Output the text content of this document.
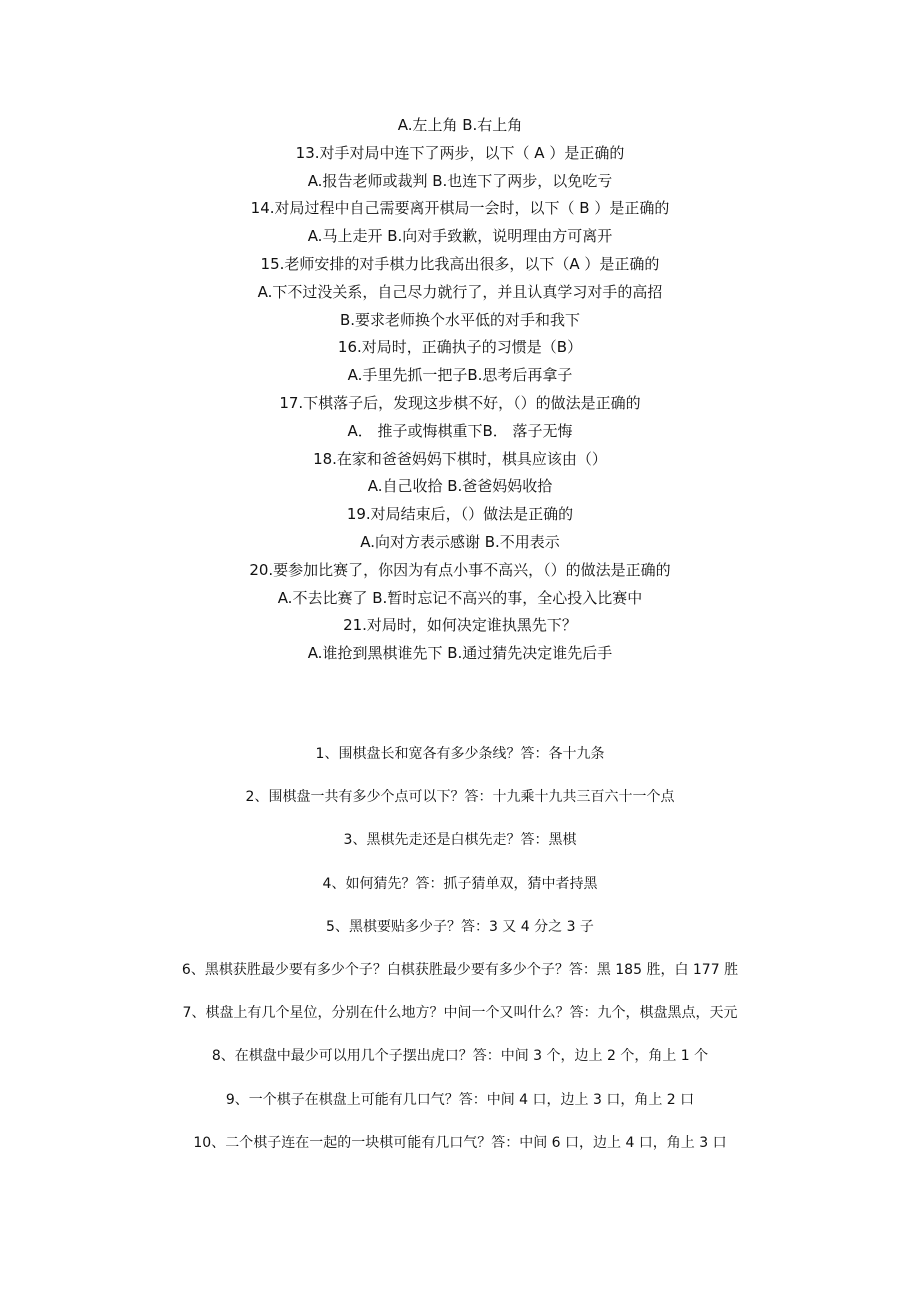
A.左上角 B.右上角
13.对手对局中连下了两步，以下（ A ）是正确的
A.报告老师或裁判 B.也连下了两步，以免吃亏
14.对局过程中自己需要离开棋局一会时，以下（ B ）是正确的
A.马上走开 B.向对手致歉，说明理由方可离开
15.老师安排的对手棋力比我高出很多，以下（A ）是正确的
A.下不过没关系，自己尽力就行了，并且认真学习对手的高招
B.要求老师换个水平低的对手和我下
16.对局时，正确执子的习惯是（B）
A.手里先抓一把子B.思考后再拿子
17.下棋落子后，发现这步棋不好，（）的做法是正确的
A． 推子或悔棋重下B． 落子无悔
18.在家和爸爸妈妈下棋时，棋具应该由（）
A.自己收拾 B.爸爸妈妈收拾
19.对局结束后，（）做法是正确的
A.向对方表示感谢 B.不用表示
20.要参加比赛了，你因为有点小事不高兴，（）的做法是正确的
A.不去比赛了 B.暂时忘记不高兴的事，全心投入比赛中
21.对局时，如何决定谁执黑先下？
A.谁抢到黑棋谁先下 B.通过猜先决定谁先后手
1、围棋盘长和宽各有多少条线？答：各十九条
2、围棋盘一共有多少个点可以下？答：十九乘十九共三百六十一个点
3、黑棋先走还是白棋先走？答：黑棋
4、如何猜先？答：抓子猜单双，猜中者持黑
5、黑棋要贴多少子？答：3 又 4 分之 3 子
6、黑棋获胜最少要有多少个子？白棋获胜最少要有多少个子？答：黑 185 胜，白 177 胜
7、棋盘上有几个星位，分别在什么地方？中间一个又叫什么？答：九个，棋盘黑点，天元
8、在棋盘中最少可以用几个子摆出虎口？答：中间 3 个，边上 2 个，角上 1 个
9、一个棋子在棋盘上可能有几口气？答：中间 4 口，边上 3 口，角上 2 口
10、二个棋子连在一起的一块棋可能有几口气？答：中间 6 口，边上 4 口，角上 3 口
